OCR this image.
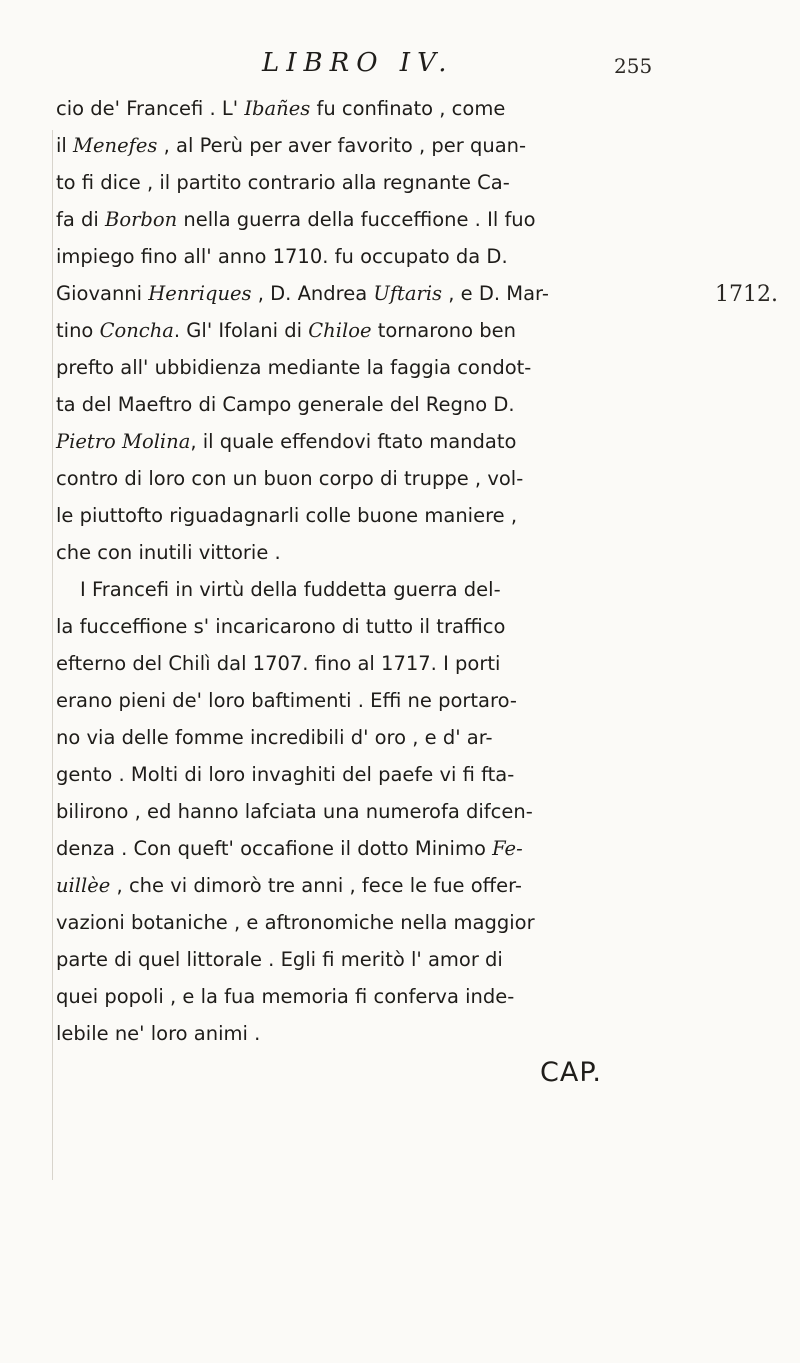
LIBRO IV.	255
1712.
cio de' Francefi . L' Ibañes fu confinato , come
il Menefes , al Perù per aver favorito , per quan-
to fi dice , il partito contrario alla regnante Ca-
fa di Borbon nella guerra della fucceffione . Il fuo
impiego fino all' anno 1710. fu occupato da D.
Giovanni Henriques , D. Andrea Uftaris , e D. Mar-
tino Concha. Gl' Ifolani di Chiloe tornarono ben
prefto all' ubbidienza mediante la faggia condot-
ta del Maeftro di Campo generale del Regno D.
Pietro Molina, il quale effendovi ftato mandato
contro di loro con un buon corpo di truppe , vol-
le piuttofto riguadagnarli colle buone maniere ,
che con inutili vittorie .
I Francefi in virtù della fuddetta guerra del-
la fucceffione s' incaricarono di tutto il traffico
efterno del Chilì dal 1707. fino al 1717. I porti
erano pieni de' loro baftimenti . Effi ne portaro-
no via delle fomme incredibili d' oro , e d' ar-
gento . Molti di loro invaghiti del paefe vi fi fta-
bilirono , ed hanno lafciata una numerofa difcen-
denza . Con queft' occafione il dotto Minimo Fe-
uillèe , che vi dimorò tre anni , fece le fue offer-
vazioni botaniche , e aftronomiche nella maggior
parte di quel littorale . Egli fi meritò l' amor di
quei popoli , e la fua memoria fi conferva inde-
lebile ne' loro animi .
CAP.
